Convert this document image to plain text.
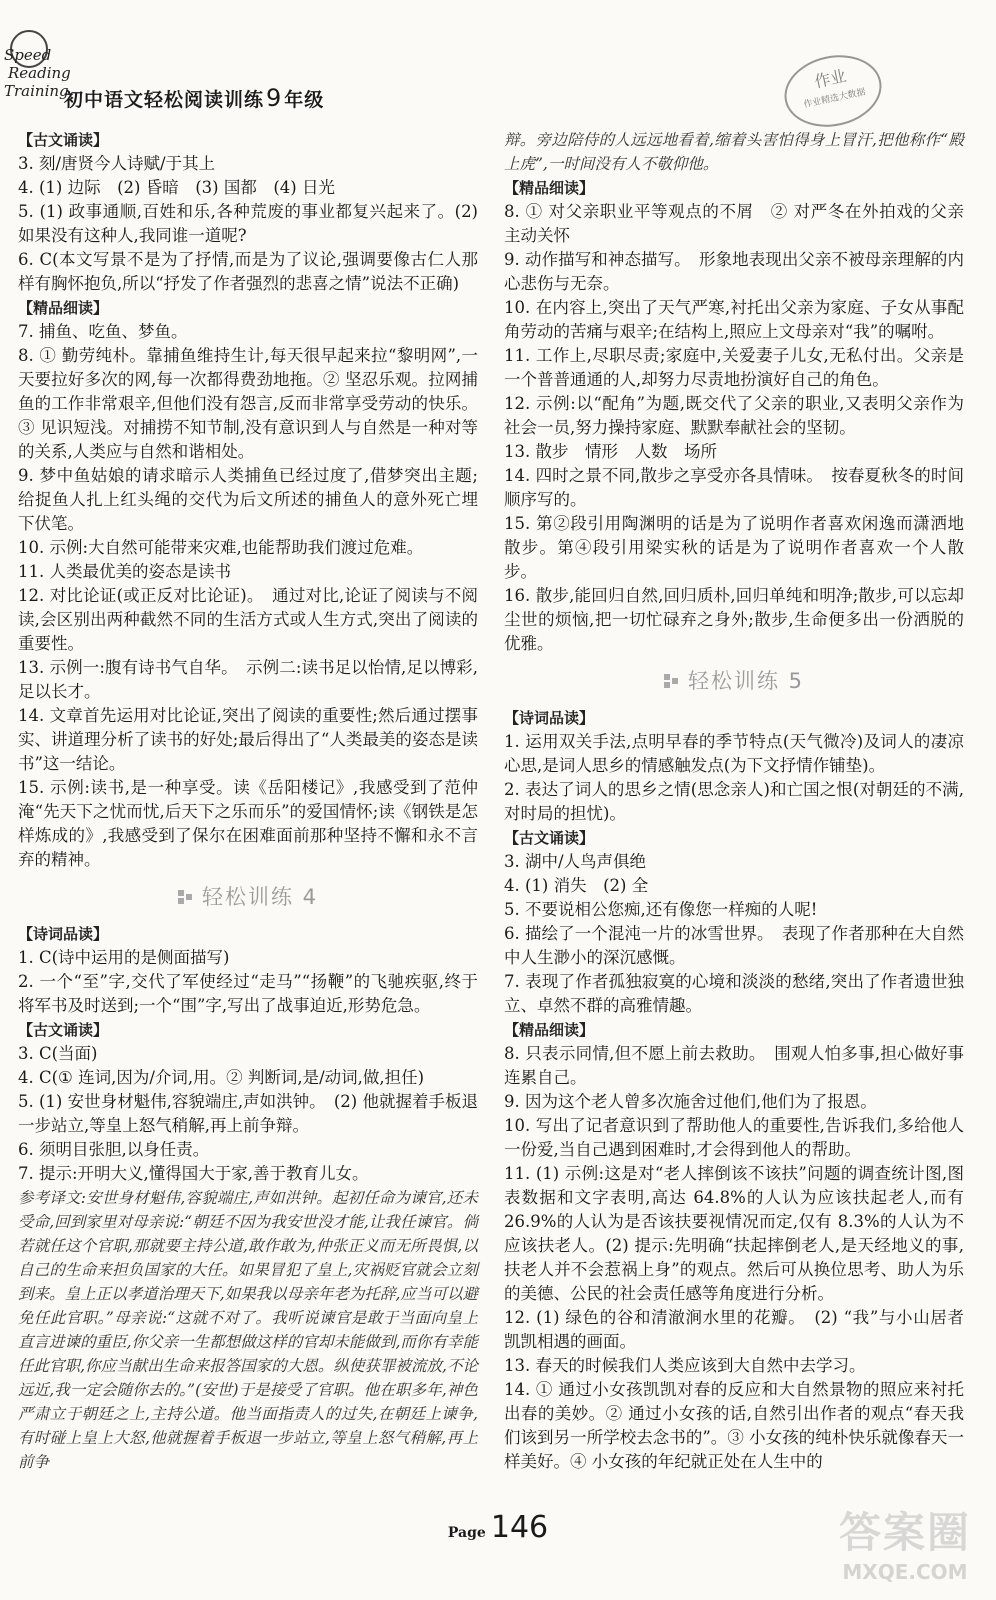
Speed
Reading
Training
初中语文轻松阅读训练9 年级
作业
作业精选大数据

【古文诵读】

3. 刻/唐贤今人诗赋/于其上

4. (1) 边际　(2) 昏暗　(3) 国都　(4) 日光

5. (1) 政事通顺,百姓和乐,各种荒废的事业都复兴起来了。(2) 如果没有这种人,我同谁一道呢?

6. C(本文写景不是为了抒情,而是为了议论,强调要像古仁人那样有胸怀抱负,所以“抒发了作者强烈的悲喜之情”说法不正确)

【精品细读】

7. 捕鱼、吃鱼、梦鱼。

8. ① 勤劳纯朴。靠捕鱼维持生计,每天很早起来拉“黎明网”,一天要拉好多次的网,每一次都得费劲地拖。② 坚忍乐观。拉网捕鱼的工作非常艰辛,但他们没有怨言,反而非常享受劳动的快乐。③ 见识短浅。对捕捞不知节制,没有意识到人与自然是一种对等的关系,人类应与自然和谐相处。

9. 梦中鱼姑娘的请求暗示人类捕鱼已经过度了,借梦突出主题;给捉鱼人扎上红头绳的交代为后文所述的捕鱼人的意外死亡埋下伏笔。

10. 示例:大自然可能带来灾难,也能帮助我们渡过危难。

11. 人类最优美的姿态是读书

12. 对比论证(或正反对比论证)。　通过对比,论证了阅读与不阅读,会区别出两种截然不同的生活方式或人生方式,突出了阅读的重要性。

13. 示例一:腹有诗书气自华。　示例二:读书足以怡情,足以博彩,足以长才。

14. 文章首先运用对比论证,突出了阅读的重要性;然后通过摆事实、讲道理分析了读书的好处;最后得出了“人类最美的姿态是读书”这一结论。

15. 示例:读书,是一种享受。读《岳阳楼记》,我感受到了范仲淹“先天下之忧而忧,后天下之乐而乐”的爱国情怀;读《钢铁是怎样炼成的》,我感受到了保尔在困难面前那种坚持不懈和永不言弃的精神。

轻松训练 4

【诗词品读】

1. C(诗中运用的是侧面描写)

2. 一个“至”字,交代了军使经过“走马”“扬鞭”的飞驰疾驱,终于将军书及时送到;一个“围”字,写出了战事迫近,形势危急。

【古文诵读】

3. C(当面)

4. C(① 连词,因为/介词,用。② 判断词,是/动词,做,担任)

5. (1) 安世身材魁伟,容貌端庄,声如洪钟。　(2) 他就握着手板退一步站立,等皇上怒气稍解,再上前争辩。

6. 须明目张胆,以身任责。

7. 提示:开明大义,懂得国大于家,善于教育儿女。

参考译文:安世身材魁伟,容貌端庄,声如洪钟。起初任命为谏官,还未受命,回到家里对母亲说:“朝廷不因为我安世没才能,让我任谏官。倘若就任这个官职,那就要主持公道,敢作敢为,仲张正义而无所畏惧,以自己的生命来担负国家的大任。如果冒犯了皇上,灾祸贬官就会立刻到来。皇上正以孝道治理天下,如果我以母亲年老为托辞,应当可以避免任此官职。”母亲说:“这就不对了。我听说谏官是敢于当面向皇上直言进谏的重臣,你父亲一生都想做这样的官却未能做到,而你有幸能任此官职,你应当献出生命来报答国家的大恩。纵使获罪被流放,不论远近,我一定会随你去的。”(安世)于是接受了官职。他在职多年,神色严肃立于朝廷之上,主持公道。他当面指责人的过失,在朝廷上谏争,有时碰上皇上大怒,他就握着手板退一步站立,等皇上怒气稍解,再上前争

辩。旁边陪侍的人远远地看着,缩着头害怕得身上冒汗,把他称作“殿上虎”,一时间没有人不敬仰他。

【精品细读】

8. ① 对父亲职业平等观点的不屑　② 对严冬在外拍戏的父亲主动关怀

9. 动作描写和神态描写。　形象地表现出父亲不被母亲理解的内心悲伤与无奈。

10. 在内容上,突出了天气严寒,衬托出父亲为家庭、子女从事配角劳动的苦痛与艰辛;在结构上,照应上文母亲对“我”的嘱咐。

11. 工作上,尽职尽责;家庭中,关爱妻子儿女,无私付出。父亲是一个普普通通的人,却努力尽责地扮演好自己的角色。

12. 示例:以“配角”为题,既交代了父亲的职业,又表明父亲作为社会一员,努力操持家庭、默默奉献社会的坚韧。

13. 散步　情形　人数　场所

14. 四时之景不同,散步之享受亦各具情味。　按春夏秋冬的时间顺序写的。

15. 第②段引用陶渊明的话是为了说明作者喜欢闲逸而潇洒地散步。第④段引用梁实秋的话是为了说明作者喜欢一个人散步。

16. 散步,能回归自然,回归质朴,回归单纯和明净;散步,可以忘却尘世的烦恼,把一切忙碌弃之身外;散步,生命便多出一份洒脱的优雅。

轻松训练 5

【诗词品读】

1. 运用双关手法,点明早春的季节特点(天气微冷)及词人的凄凉心思,是词人思乡的情感触发点(为下文抒情作铺垫)。

2. 表达了词人的思乡之情(思念亲人)和亡国之恨(对朝廷的不满,对时局的担忧)。

【古文诵读】

3. 湖中/人鸟声俱绝

4. (1) 消失　(2) 全

5. 不要说相公您痴,还有像您一样痴的人呢!

6. 描绘了一个混沌一片的冰雪世界。　表现了作者那种在大自然中人生渺小的深沉感慨。

7. 表现了作者孤独寂寞的心境和淡淡的愁绪,突出了作者遗世独立、卓然不群的高雅情趣。

【精品细读】

8. 只表示同情,但不愿上前去救助。　围观人怕多事,担心做好事连累自己。

9. 因为这个老人曾多次施舍过他们,他们为了报恩。

10. 写出了记者意识到了帮助他人的重要性,告诉我们,多给他人一份爱,当自己遇到困难时,才会得到他人的帮助。

11. (1) 示例:这是对“老人摔倒该不该扶”问题的调查统计图,图表数据和文字表明,高达 64.8%的人认为应该扶起老人,而有 26.9%的人认为是否该扶要视情况而定,仅有 8.3%的人认为不应该扶老人。(2) 提示:先明确“扶起摔倒老人,是天经地义的事,扶老人并不会惹祸上身”的观点。然后可从换位思考、助人为乐的美德、公民的社会责任感等角度进行分析。

12. (1) 绿色的谷和清澈涧水里的花瓣。　(2) “我”与小山居者凯凯相遇的画面。

13. 春天的时候我们人类应该到大自然中去学习。

14. ① 通过小女孩凯凯对春的反应和大自然景物的照应来衬托出春的美妙。② 通过小女孩的话,自然引出作者的观点“春天我们该到另一所学校去念书的”。③ 小女孩的纯朴快乐就像春天一样美好。④ 小女孩的年纪就正处在人生中的

Page 146	答案圈
MXQE.COM
